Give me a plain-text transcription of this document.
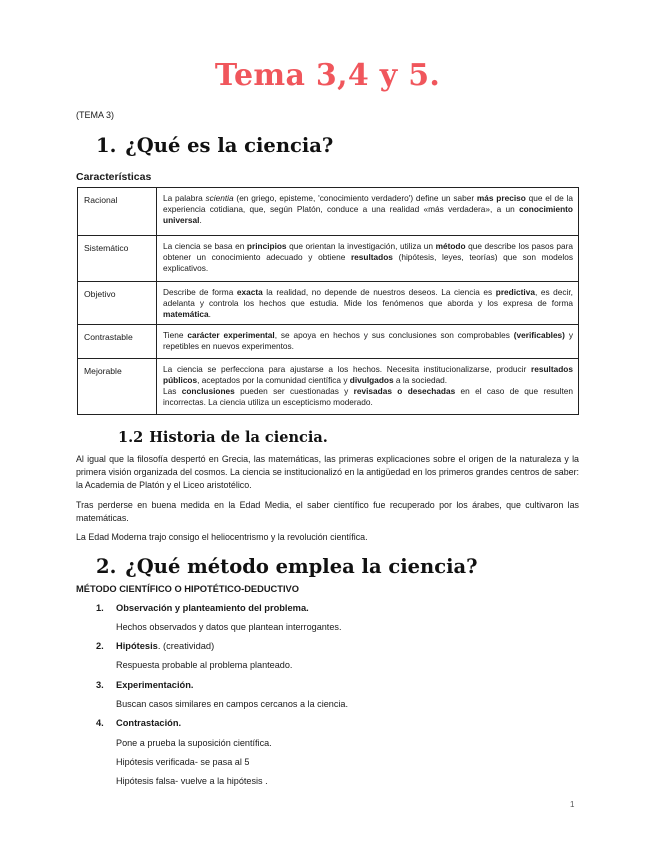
Tema 3,4 y 5.
(TEMA 3)
1. ¿Qué es la ciencia?
Características
Racional	La palabra scientia (en griego, episteme, 'conocimiento verdadero') define un saber más preciso que el de la experiencia cotidiana, que, según Platón, conduce a una realidad «más verdadera», a un conocimiento universal.
Sistemático	La ciencia se basa en principios que orientan la investigación, utiliza un método que describe los pasos para obtener un conocimiento adecuado y obtiene resultados (hipótesis, leyes, teorías) que son modelos explicativos.
Objetivo	Describe de forma exacta la realidad, no depende de nuestros deseos. La ciencia es predictiva, es decir, adelanta y controla los hechos que estudia. Mide los fenómenos que aborda y los expresa de forma matemática.
Contrastable	Tiene carácter experimental, se apoya en hechos y sus conclusiones son comprobables (verificables) y repetibles en nuevos experimentos.
Mejorable	La ciencia se perfecciona para ajustarse a los hechos. Necesita institucionalizarse, producir resultados públicos, aceptados por la comunidad científica y divulgados a la sociedad.
Las conclusiones pueden ser cuestionadas y revisadas o desechadas en el caso de que resulten incorrectas. La ciencia utiliza un escepticismo moderado.
1.2 Historia de la ciencia.

Al igual que la filosofía despertó en Grecia, las matemáticas, las primeras explicaciones sobre el origen de la naturaleza y la primera visión organizada del cosmos. La ciencia se institucionalizó en la antigüedad en los primeros grandes centros de saber: la Academia de Platón y el Liceo aristotélico.

Tras perderse en buena medida en la Edad Media, el saber científico fue recuperado por los árabes, que cultivaron las matemáticas.

La Edad Moderna trajo consigo el heliocentrismo y la revolución científica.

2. ¿Qué método emplea la ciencia?
MÉTODO CIENTÍFICO O HIPOTÉTICO-DEDUCTIVO
1. Observación y planteamiento del problema.
Hechos observados y datos que plantean interrogantes.
2. Hipótesis. (creatividad)
Respuesta probable al problema planteado.
3. Experimentación.
Buscan casos similares en campos cercanos a la ciencia.
4. Contrastación.
Pone a prueba la suposición científica.
Hipótesis verificada- se pasa al 5
Hipótesis falsa- vuelve a la hipótesis .
1
